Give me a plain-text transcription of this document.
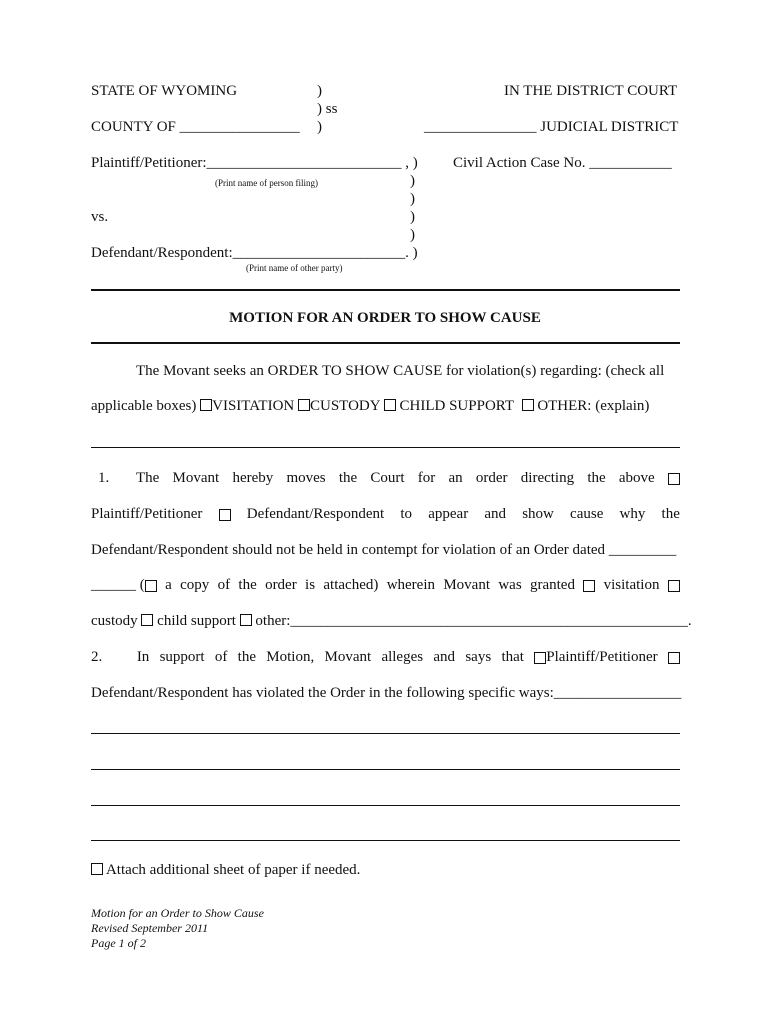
STATE OF WYOMING	)
) ss
COUNTY OF ________________ )
IN THE DISTRICT COURT
_______________ JUDICIAL DISTRICT
Plaintiff/Petitioner:__________________________ , )
(Print name of person filing)
Civil Action Case No. ___________
)
)
vs.	)
)
Defendant/Respondent:_______________________. )
(Print name of other party)
MOTION FOR AN ORDER TO SHOW CAUSE
The Movant seeks an ORDER TO SHOW CAUSE for violation(s) regarding: (check all
applicable boxes) VISITATION CUSTODY CHILD SUPPORT OTHER: (explain)
1. The Movant hereby moves the Court for an order directing the above
Plaintiff/Petitioner	Defendant/Respondent to appear and show cause why the
Defendant/Respondent should not be held in contempt for violation of an Order dated _________
______ ( a copy of the order is attached) wherein Movant was granted visitation
custody child support other:_____________________________________________________.
2. In support of the Motion, Movant alleges and says that Plaintiff/Petitioner
Defendant/Respondent has violated the Order in the following specific ways:_________________
Attach additional sheet of paper if needed.
Motion for an Order to Show Cause
Revised September 2011
Page 1 of 2
